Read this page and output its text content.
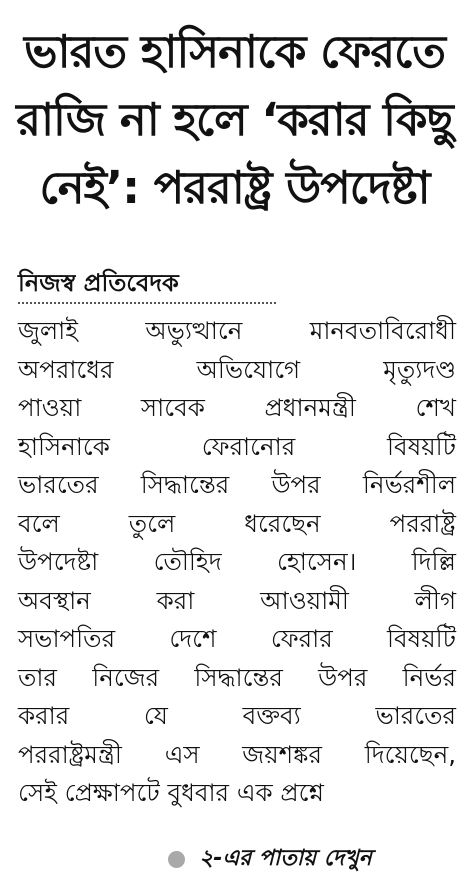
ভারত হাসিনাকে ফেরতে
রাজি না হলে ‘করার কিছু
নেই’: পররাষ্ট্র উপদেষ্টা
নিজস্ব প্রতিবেদক
জুলাই অভ্যুত্থানে মানবতাবিরোধী
অপরাধের অভিযোগে মৃত্যুদণ্ড
পাওয়া সাবেক প্রধানমন্ত্রী শেখ
হাসিনাকে ফেরানোর বিষয়টি
ভারতের সিদ্ধান্তের উপর নির্ভরশীল
বলে তুলে ধরেছেন পররাষ্ট্র
উপদেষ্টা তৌহিদ হোসেন। দিল্লি
অবস্থান করা আওয়ামী লীগ
সভাপতির দেশে ফেরার বিষয়টি
তার নিজের সিদ্ধান্তের উপর নির্ভর
করার যে বক্তব্য ভারতের
পররাষ্ট্রমন্ত্রী এস জয়শঙ্কর দিয়েছেন,
সেই প্রেক্ষাপটে বুধবার এক প্রশ্নে
২-এর পাতায় দেখুন
